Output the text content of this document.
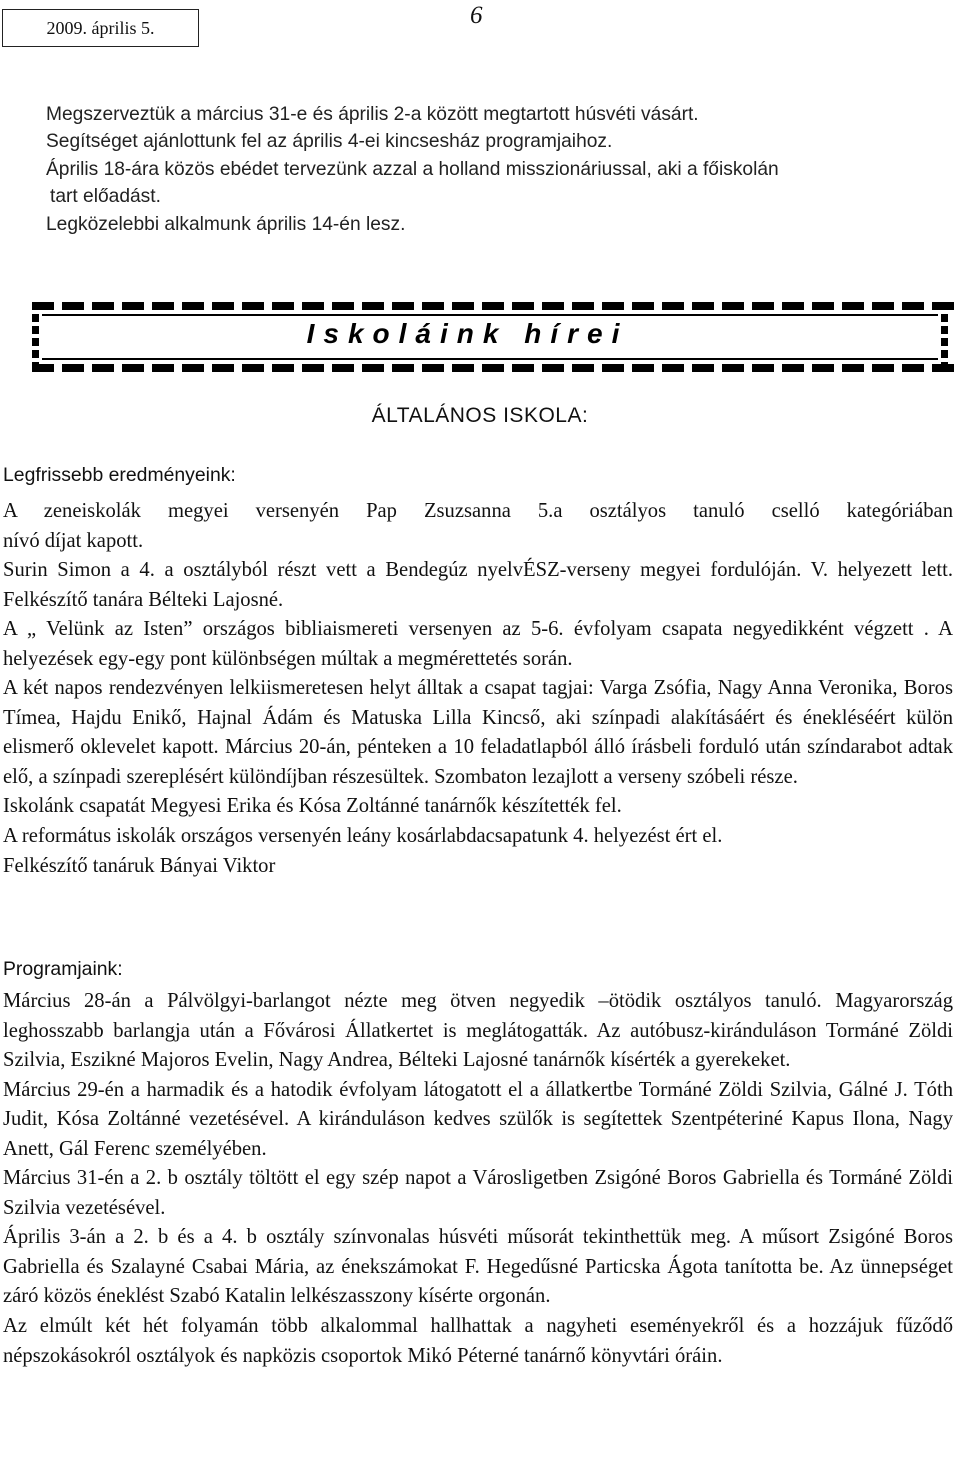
2009. április 5.	6

Megszerveztük a március 31-e és április 2-a között megtartott húsvéti vásárt.

Segítséget ajánlottunk fel az április 4-ei kincsesház programjaihoz.

Április 18-ára közös ebédet tervezünk azzal a holland misszionáriussal, aki a főiskolán

tart előadást.

Legközelebbi alkalmunk április 14-én lesz.

Iskoláink hírei
ÁLTALÁNOS ISKOLA:
Legfrissebb eredményeink:

A zeneiskolák megyei versenyén Pap Zsuzsanna 5.a osztályos tanuló cselló kategóriában

nívó díjat kapott.

Surin Simon a 4. a osztályból részt vett a Bendegúz nyelvÉSZ-verseny megyei fordulóján. V. helyezett lett. Felkészítő tanára Bélteki Lajosné.

A „ Velünk az Isten” országos bibliaismereti versenyen az 5-6. évfolyam csapata negyedikként végzett . A helyezések egy-egy pont különbségen múltak a megmérettetés során.

A két napos rendezvényen lelkiismeretesen helyt álltak a csapat tagjai: Varga Zsófia, Nagy Anna Veronika, Boros Tímea, Hajdu Enikő, Hajnal Ádám és Matuska Lilla Kincső, aki színpadi alakításáért és énekléséért külön elismerő oklevelet kapott. Március 20-án, pénteken a 10 feladatlapból álló írásbeli forduló után színdarabot adtak elő, a színpadi szereplésért különdíjban részesültek. Szombaton lezajlott a verseny szóbeli része.

Iskolánk csapatát Megyesi Erika és Kósa Zoltánné tanárnők készítették fel.

A református iskolák országos versenyén leány kosárlabdacsapatunk 4. helyezést ért el.

Felkészítő tanáruk Bányai Viktor

Programjaink:

Március 28-án a Pálvölgyi-barlangot nézte meg ötven negyedik –ötödik osztályos tanuló. Magyarország leghosszabb barlangja után a Fővárosi Állatkertet is meglátogatták. Az autóbusz-kiránduláson Tormáné Zöldi Szilvia, Eszikné Majoros Evelin, Nagy Andrea, Bélteki Lajosné tanárnők kísérték a gyerekeket.

Március 29-én a harmadik és a hatodik évfolyam látogatott el a állatkertbe Tormáné Zöldi Szilvia, Gálné J. Tóth Judit, Kósa Zoltánné vezetésével. A kiránduláson kedves szülők is segítettek Szentpéteriné Kapus Ilona, Nagy Anett, Gál Ferenc személyében.

Március 31-én a 2. b osztály töltött el egy szép napot a Városligetben Zsigóné Boros Gabriella és Tormáné Zöldi Szilvia vezetésével.

Április 3-án a 2. b és a 4. b osztály színvonalas húsvéti műsorát tekinthettük meg. A műsort Zsigóné Boros Gabriella és Szalayné Csabai Mária, az énekszámokat F. Hegedűsné Particska Ágota tanította be. Az ünnepséget záró közös éneklést Szabó Katalin lelkészasszony kísérte orgonán.

Az elmúlt két hét folyamán több alkalommal hallhattak a nagyheti eseményekről és a hozzájuk fűződő népszokásokról osztályok és napközis csoportok Mikó Péterné tanárnő könyvtári óráin.
